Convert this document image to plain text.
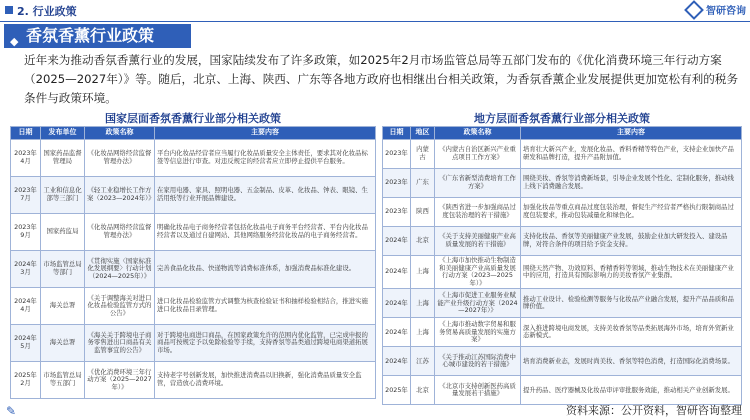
2. 行业政策	智研咨询
◆ 香氛香薰行业政策
近年来为推动香氛香薰行业的发展，国家陆续发布了许多政策，如2025年2月市场监管总局等五部门发布的《优化消费环境三年行动方案（2025—2027年）》等。随后，北京、上海、陕西、广东等各地方政府也相继出台相关政策，为香氛香薰企业发展提供更加宽松有利的税务条件与政策环境。
国家层面香氛香薰行业部分相关政策
日期	发布单位	政策名称	主要内容
2023年4月	国家药品监督管理局	《化妆品网络经营监督管理办法》	平台内化妆品经营者应当履行化妆品质量安全主体责任，要求其对化妆品标签等信息进行审查。对违反规定的经营者应立即停止提供平台服务。
2023年7月	工业和信息化部等三部门	《轻工业稳增长工作方案（2023—2024年）》	在家用电器、家具、照明电器、五金制品、皮革、化妆品、钟表、眼镜、生活用纸等行业开展品牌建设。
2023年9月	国家药监局	《化妆品网络经营监督管理办法》	明确化妆品电子商务经营者包括化妆品电子商务平台经营者、平台内化妆品经营者以及通过自建网站、其他网络服务经营化妆品的电子商务经营者。
2024年3月	市场监管总局等部门	《贯彻实施〈国家标准化发展纲要〉行动计划（2024—2025年）》	完善食品化妆品、快递物流等消费标准体系，加强消费品标准化建设。
2024年4月	海关总署	《关于调整海关对进口化妆品检验监管方式的公告》	进口化妆品检验监管方式调整为核查检验证书和抽样检验相结合，推进实施进口化妆品目录管理。
2024年5月	海关总署	《海关关于跨境电子商务零售进出口商品有关监管事宜的公告》	对于跨境电商进口商品，在国家政策允许的范围内优化监管，已完成申报的商品可按规定予以免除检验等手续，支持香氛等品类通过跨境电商渠道拓展市场。
2025年2月	市场监管总局等五部门	《优化消费环境三年行动方案（2025—2027年）》	支持老字号创新发展，加快推进消费品以旧换新，强化消费品质量安全监管，营造放心消费环境。
地方层面香氛香薰行业部分相关政策
日期	地区	政策名称	主要内容
2023年	内蒙古	《内蒙古自治区新兴产业重点项目工作方案》	培育壮大新兴产业，发展化妆品、香料香精等特色产业，支持企业加快产品研发和品牌打造，提升产品附加值。
2023年	广东	《广东省新型消费培育工作方案》	围绕美妆、香氛等消费新场景，引导企业发展个性化、定制化服务，推动线上线下消费融合发展。
2023年	陕西	《陕西省进一步加强商品过度包装治理的若干措施》	加强化妆品等重点商品过度包装治理，督促生产经营者严格执行限制商品过度包装要求，推动包装减量化和绿色化。
2024年	北京	《关于支持美丽健康产业高质量发展的若干措施》	支持化妆品、香氛等美丽健康产业发展，鼓励企业加大研发投入、建设品牌，对符合条件的项目给予资金支持。
2024年	上海	《上海市加快推动生物制造和美丽健康产业高质量发展行动方案（2023—2025年）》	围绕天然产物、功效原料、香精香料等领域，推动生物技术在美丽健康产业中的应用，打造具有国际影响力的美妆香氛产业集群。
2024年	上海	《上海市促进工业服务业赋能产业升级行动方案（2024—2027年）》	推动工业设计、检验检测等服务与化妆品产业融合发展，提升产品品质和品牌价值。
2024年	上海	《上海市推动数字贸易和服务贸易高质量发展的实施方案》	深入推进跨境电商发展，支持美妆香氛等品类拓展海外市场，培育外贸新业态新模式。
2024年	江苏	《关于推动江苏国际消费中心城市建设的若干措施》	培育消费新业态，发展时尚美妆、香氛等特色消费，打造国际化消费场景。
2025年	北京	《北京市支持创新医药高质量发展若干措施》	提升药品、医疗器械及化妆品审评审批服务效能，推动相关产业创新发展。
✎	资料来源：公开资料，智研咨询整理
